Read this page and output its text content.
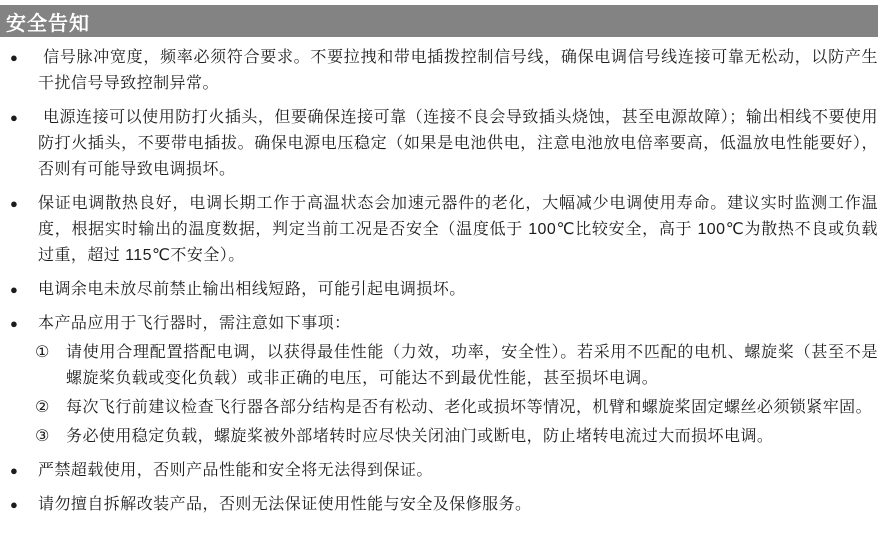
安全告知
●	信号脉冲宽度，频率必须符合要求。不要拉拽和带电插拨控制信号线，确保电调信号线连接可靠无松动，以防产生干扰信号导致控制异常。

●	电源连接可以使用防打火插头，但要确保连接可靠（连接不良会导致插头烧蚀，甚至电源故障）；输出相线不要使用防打火插头，不要带电插拔。确保电源电压稳定（如果是电池供电，注意电池放电倍率要高，低温放电性能要好），否则有可能导致电调损坏。

●	保证电调散热良好，电调长期工作于高温状态会加速元器件的老化，大幅减少电调使用寿命。建议实时监测工作温度，根据实时输出的温度数据，判定当前工况是否安全（温度低于 100℃比较安全，高于 100℃为散热不良或负载过重，超过 115℃不安全）。

●	电调余电未放尽前禁止输出相线短路，可能引起电调损坏。

●	本产品应用于飞行器时，需注意如下事项：

①	请使用合理配置搭配电调，以获得最佳性能（力效，功率，安全性）。若采用不匹配的电机、螺旋桨（甚至不是螺旋桨负载或变化负载）或非正确的电压，可能达不到最优性能，甚至损坏电调。

②	每次飞行前建议检查飞行器各部分结构是否有松动、老化或损坏等情况，机臂和螺旋桨固定螺丝必须锁紧牢固。

③	务必使用稳定负载，螺旋桨被外部堵转时应尽快关闭油门或断电，防止堵转电流过大而损坏电调。

●	严禁超载使用，否则产品性能和安全将无法得到保证。

●	请勿擅自拆解改装产品，否则无法保证使用性能与安全及保修服务。
